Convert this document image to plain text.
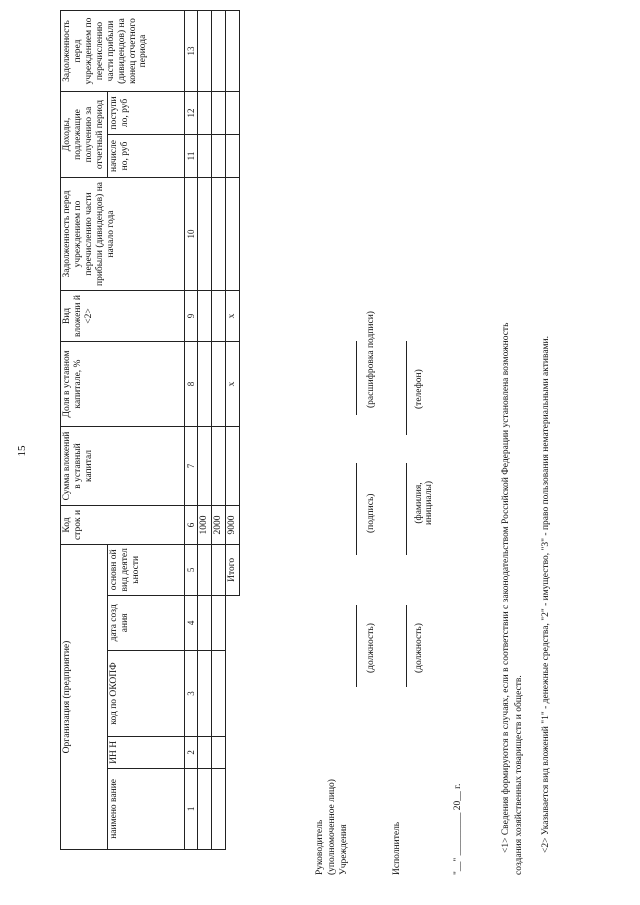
15
Организация (предприятие)					Код строк и	Сумма вложений в уставный капитал	Доля в уставном капитале, %	Вид вложени й <2>	Задолженность перед учреждением по перечислению части прибыли (дивидендов) на начало года	Доходы, подлежащие получению за отчетный период		Задолженность перед учреждением по перечислению части прибыли (дивидендов) на конец отчетного периода
наимено вание	ИН Н	код по ОКОПФ	дата созд ания	основн ой вид деятел ьности						начисле но, руб	поступи ло, руб	
1	2	3	4	5	6	7	8	9	10	11	12	13
					1000							
					2000							
				Итого	9000		x	x				
Руководитель (уполномоченное лицо) Учреждения
(должность)
(подпись)
(расшифровка подписи)
Исполнитель
(должность)
(фамилия, инициалы)
(телефон)
"__" _________ 20__ г.	<1> Сведения формируются в случаях, если в соответствии с законодательством Российской Федерации установлена возможность создания хозяйственных товариществ и обществ. <2> Указывается вид вложений "1" - денежные средства, "2" - имущество, "3" - право пользования нематериальными активами.
